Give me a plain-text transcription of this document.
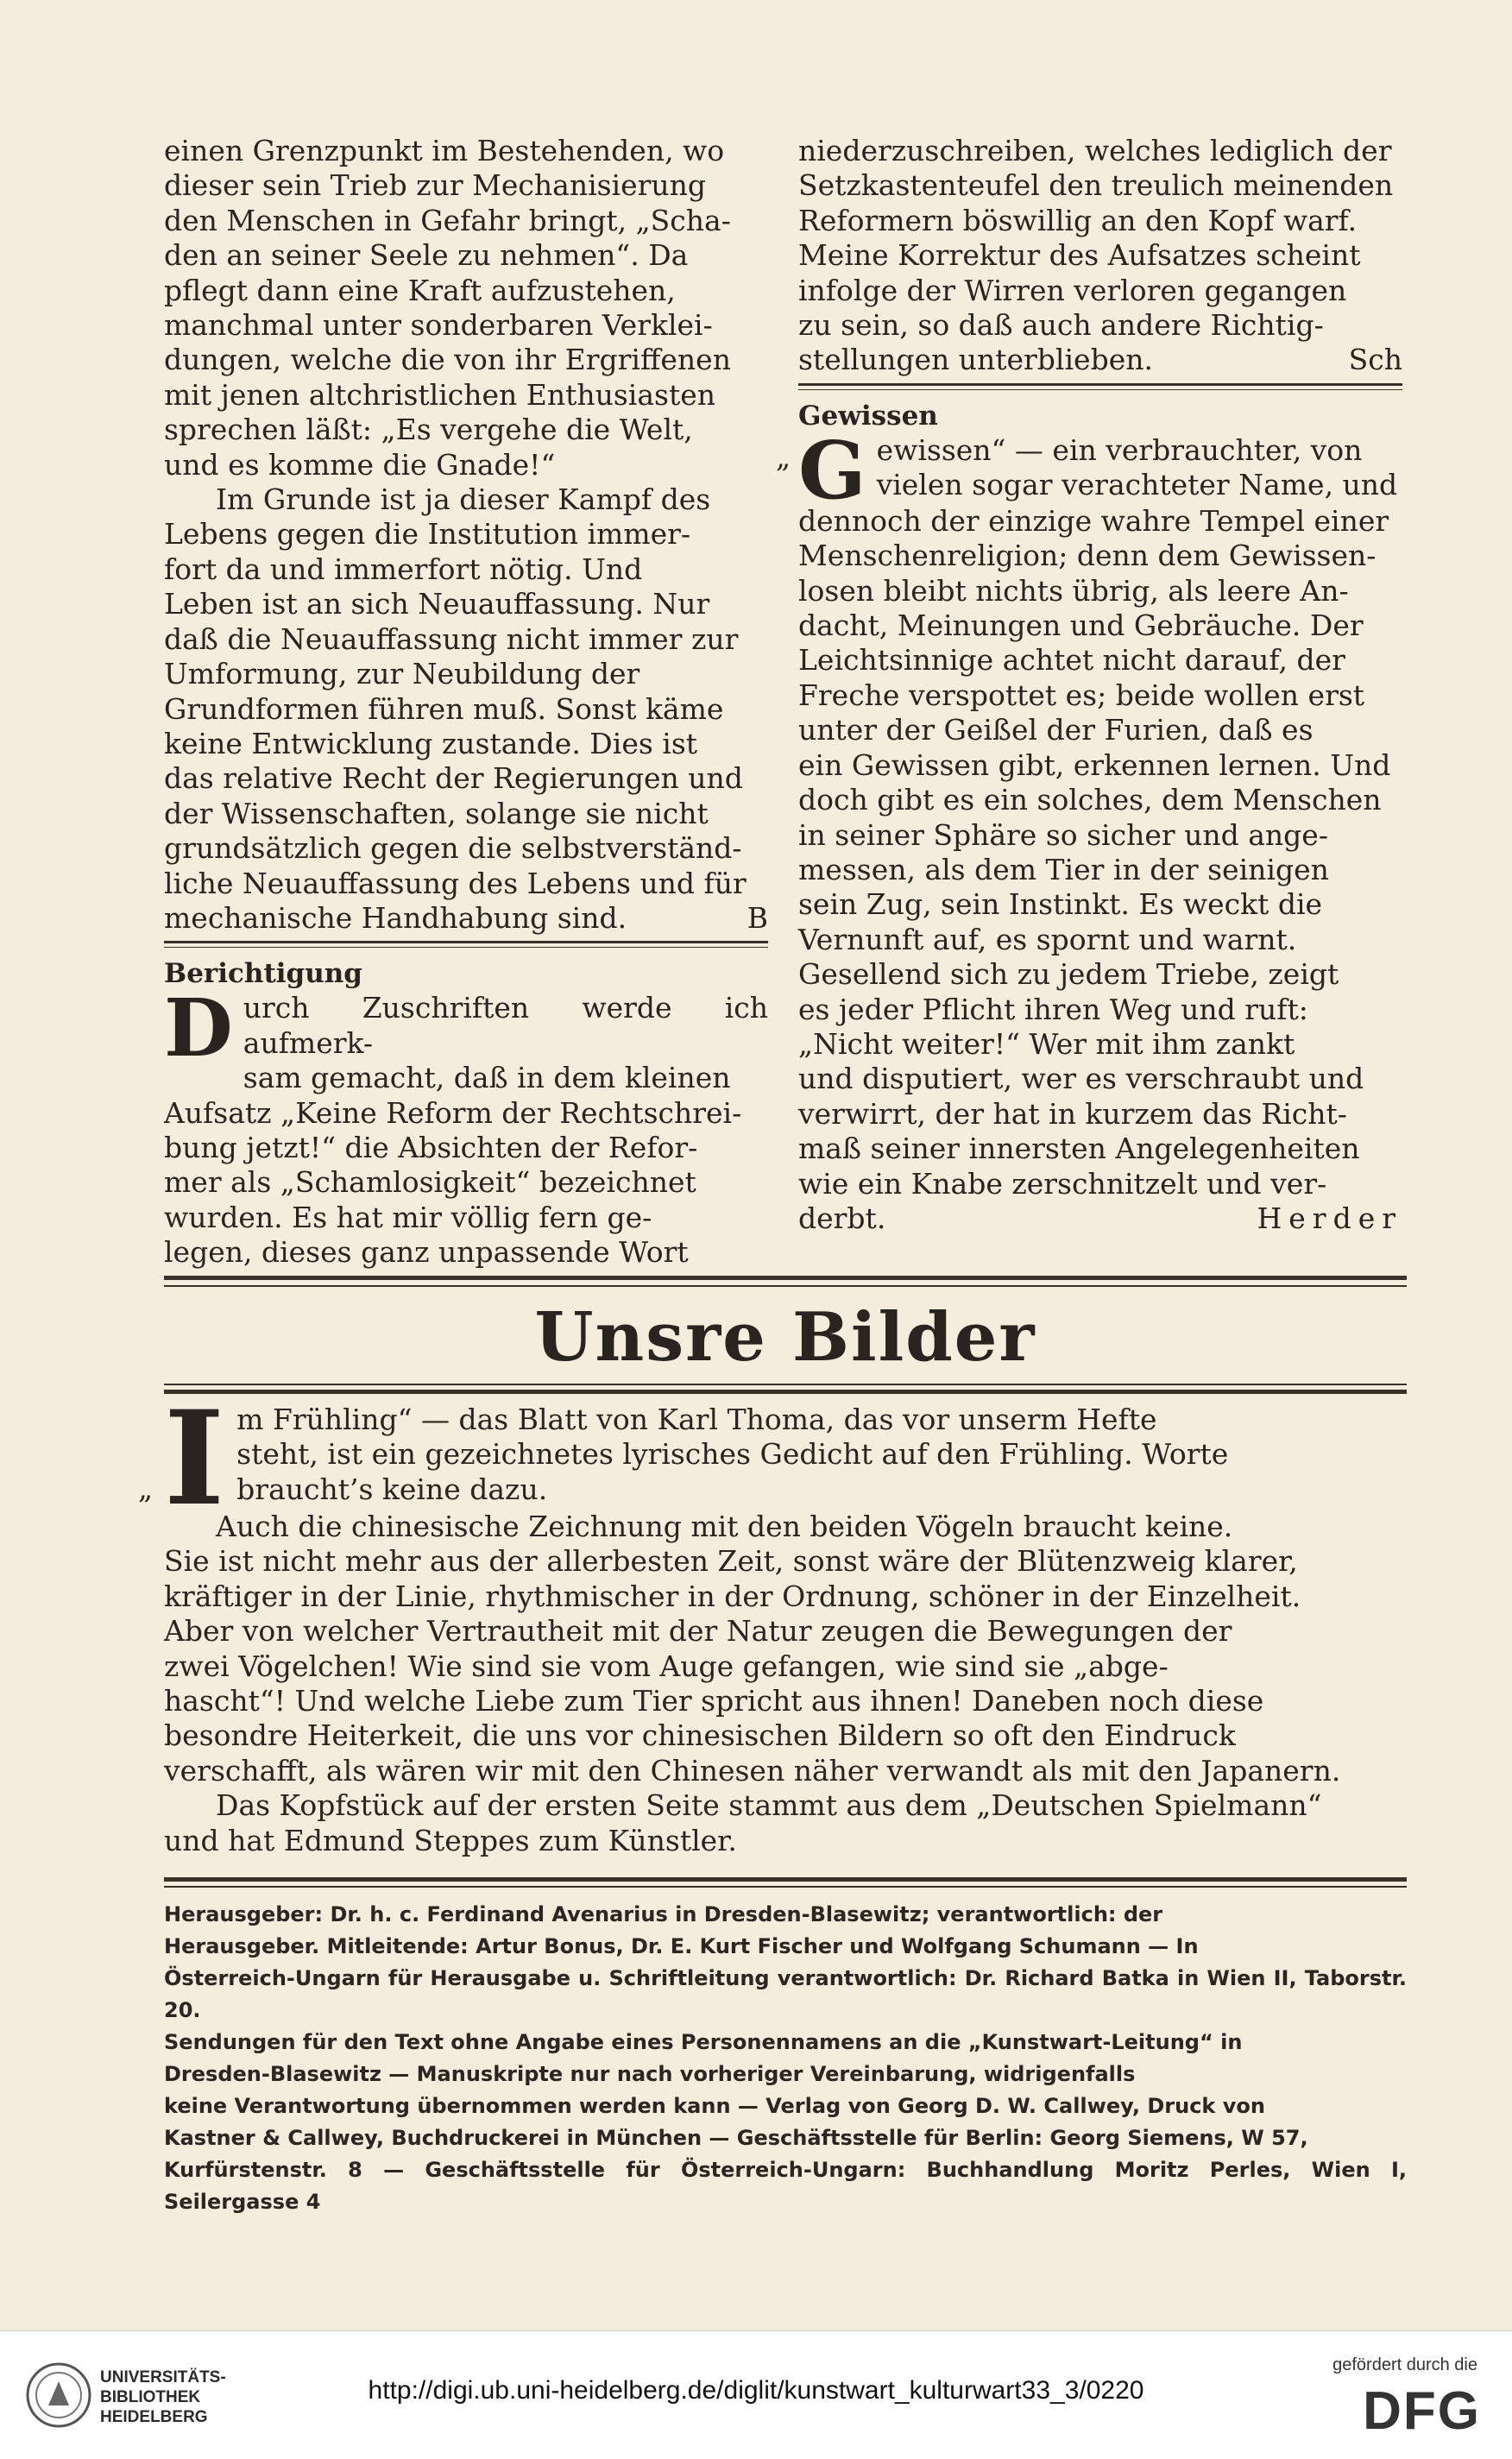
einen Grenzpunkt im Bestehenden, wo

dieser sein Trieb zur Mechanisierung

den Menschen in Gefahr bringt, „Scha-

den an seiner Seele zu nehmen“. Da

pflegt dann eine Kraft aufzustehen,

manchmal unter sonderbaren Verklei-

dungen, welche die von ihr Ergriffenen

mit jenen altchristlichen Enthusiasten

sprechen läßt: „Es vergehe die Welt,

und es komme die Gnade!“

Im Grunde ist ja dieser Kampf des

Lebens gegen die Institution immer-

fort da und immerfort nötig. Und

Leben ist an sich Neuauffassung. Nur

daß die Neuauffassung nicht immer zur

Umformung, zur Neubildung der

Grundformen führen muß. Sonst käme

keine Entwicklung zustande. Dies ist

das relative Recht der Regierungen und

der Wissenschaften, solange sie nicht

grundsätzlich gegen die selbstverständ-

liche Neuauffassung des Lebens und für

mechanische Handhabung sind.	B
Berichtigung
D urch Zuschriften werde ich aufmerk-

sam gemacht, daß in dem kleinen

Aufsatz „Keine Reform der Rechtschrei-

bung jetzt!“ die Absichten der Refor-

mer als „Schamlosigkeit“ bezeichnet

wurden. Es hat mir völlig fern ge-

legen, dieses ganz unpassende Wort

niederzuschreiben, welches lediglich der

Setzkastenteufel den treulich meinenden

Reformern böswillig an den Kopf warf.

Meine Korrektur des Aufsatzes scheint

infolge der Wirren verloren gegangen

zu sein, so daß auch andere Richtig-

stellungen unterblieben.	Sch
Gewissen
„ G ewissen“ — ein verbrauchter, von

vielen sogar verachteter Name, und

dennoch der einzige wahre Tempel einer

Menschenreligion; denn dem Gewissen-

losen bleibt nichts übrig, als leere An-

dacht, Meinungen und Gebräuche. Der

Leichtsinnige achtet nicht darauf, der

Freche verspottet es; beide wollen erst

unter der Geißel der Furien, daß es

ein Gewissen gibt, erkennen lernen. Und

doch gibt es ein solches, dem Menschen

in seiner Sphäre so sicher und ange-

messen, als dem Tier in der seinigen

sein Zug, sein Instinkt. Es weckt die

Vernunft auf, es spornt und warnt.

Gesellend sich zu jedem Triebe, zeigt

es jeder Pflicht ihren Weg und ruft:

„Nicht weiter!“ Wer mit ihm zankt

und disputiert, wer es verschraubt und

verwirrt, der hat in kurzem das Richt-

maß seiner innersten Angelegenheiten

wie ein Knabe zerschnitzelt und ver-

derbt.	Herder
Unsre Bilder
„ I m Frühling“ — das Blatt von Karl Thoma, das vor unserm Hefte

steht, ist ein gezeichnetes lyrisches Gedicht auf den Frühling. Worte

braucht’s keine dazu.

Auch die chinesische Zeichnung mit den beiden Vögeln braucht keine.

Sie ist nicht mehr aus der allerbesten Zeit, sonst wäre der Blütenzweig klarer,

kräftiger in der Linie, rhythmischer in der Ordnung, schöner in der Einzelheit.

Aber von welcher Vertrautheit mit der Natur zeugen die Bewegungen der

zwei Vögelchen! Wie sind sie vom Auge gefangen, wie sind sie „abge-

hascht“! Und welche Liebe zum Tier spricht aus ihnen! Daneben noch diese

besondre Heiterkeit, die uns vor chinesischen Bildern so oft den Eindruck

verschafft, als wären wir mit den Chinesen näher verwandt als mit den Japanern.

Das Kopfstück auf der ersten Seite stammt aus dem „Deutschen Spielmann“

und hat Edmund Steppes zum Künstler.

Herausgeber: Dr. h. c. Ferdinand Avenarius in Dresden-Blasewitz; verantwortlich: der
Herausgeber. Mitleitende: Artur Bonus, Dr. E. Kurt Fischer und Wolfgang Schumann — In
Österreich-Ungarn für Herausgabe u. Schriftleitung verantwortlich: Dr. Richard Batka in Wien II, Taborstr. 20.
Sendungen für den Text ohne Angabe eines Personennamens an die „Kunstwart-Leitung“ in
Dresden-Blasewitz — Manuskripte nur nach vorheriger Vereinbarung, widrigenfalls
keine Verantwortung übernommen werden kann — Verlag von Georg D. W. Callwey, Druck von
Kastner & Callwey, Buchdruckerei in München — Geschäftsstelle für Berlin: Georg Siemens, W 57,
Kurfürstenstr. 8 — Geschäftsstelle für Österreich-Ungarn: Buchhandlung Moritz Perles, Wien I, Seilergasse 4
UNIVERSITÄTS-
BIBLIOTHEK
HEIDELBERG
http://digi.ub.uni-heidelberg.de/diglit/kunstwart_kulturwart33_3/0220
gefördert durch die
DFG
